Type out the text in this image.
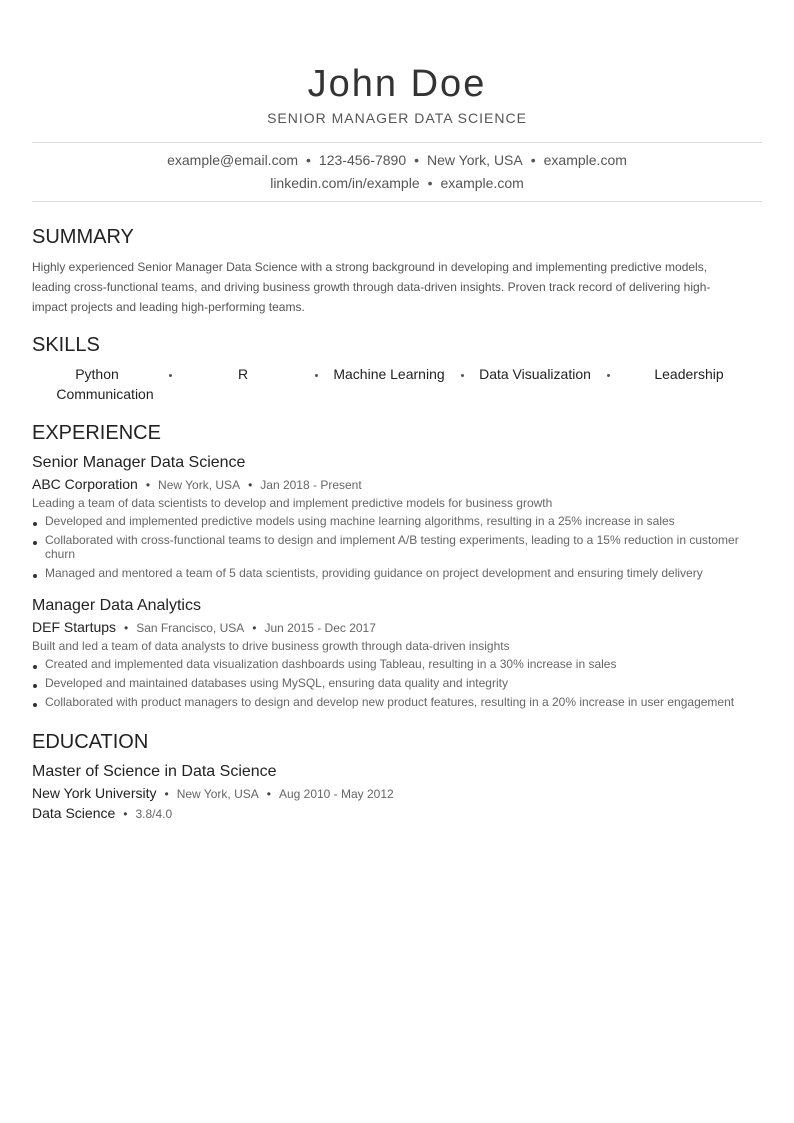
John Doe
SENIOR MANAGER DATA SCIENCE
example@email.com • 123-456-7890 • New York, USA • example.com
linkedin.com/in/example • example.com
SUMMARY
Highly experienced Senior Manager Data Science with a strong background in developing and implementing predictive models, leading cross-functional teams, and driving business growth through data-driven insights. Proven track record of delivering high-impact projects and leading high-performing teams.
SKILLS
Python	R	Machine Learning	Data Visualization	Leadership
Communication
EXPERIENCE
Senior Manager Data Science
ABC Corporation • New York, USA • Jan 2018 - Present
Leading a team of data scientists to develop and implement predictive models for business growth
Developed and implemented predictive models using machine learning algorithms, resulting in a 25% increase in sales
Collaborated with cross-functional teams to design and implement A/B testing experiments, leading to a 15% reduction in customer churn
Managed and mentored a team of 5 data scientists, providing guidance on project development and ensuring timely delivery
Manager Data Analytics
DEF Startups • San Francisco, USA • Jun 2015 - Dec 2017
Built and led a team of data analysts to drive business growth through data-driven insights
Created and implemented data visualization dashboards using Tableau, resulting in a 30% increase in sales
Developed and maintained databases using MySQL, ensuring data quality and integrity
Collaborated with product managers to design and develop new product features, resulting in a 20% increase in user engagement
EDUCATION
Master of Science in Data Science
New York University • New York, USA • Aug 2010 - May 2012
Data Science • 3.8/4.0
